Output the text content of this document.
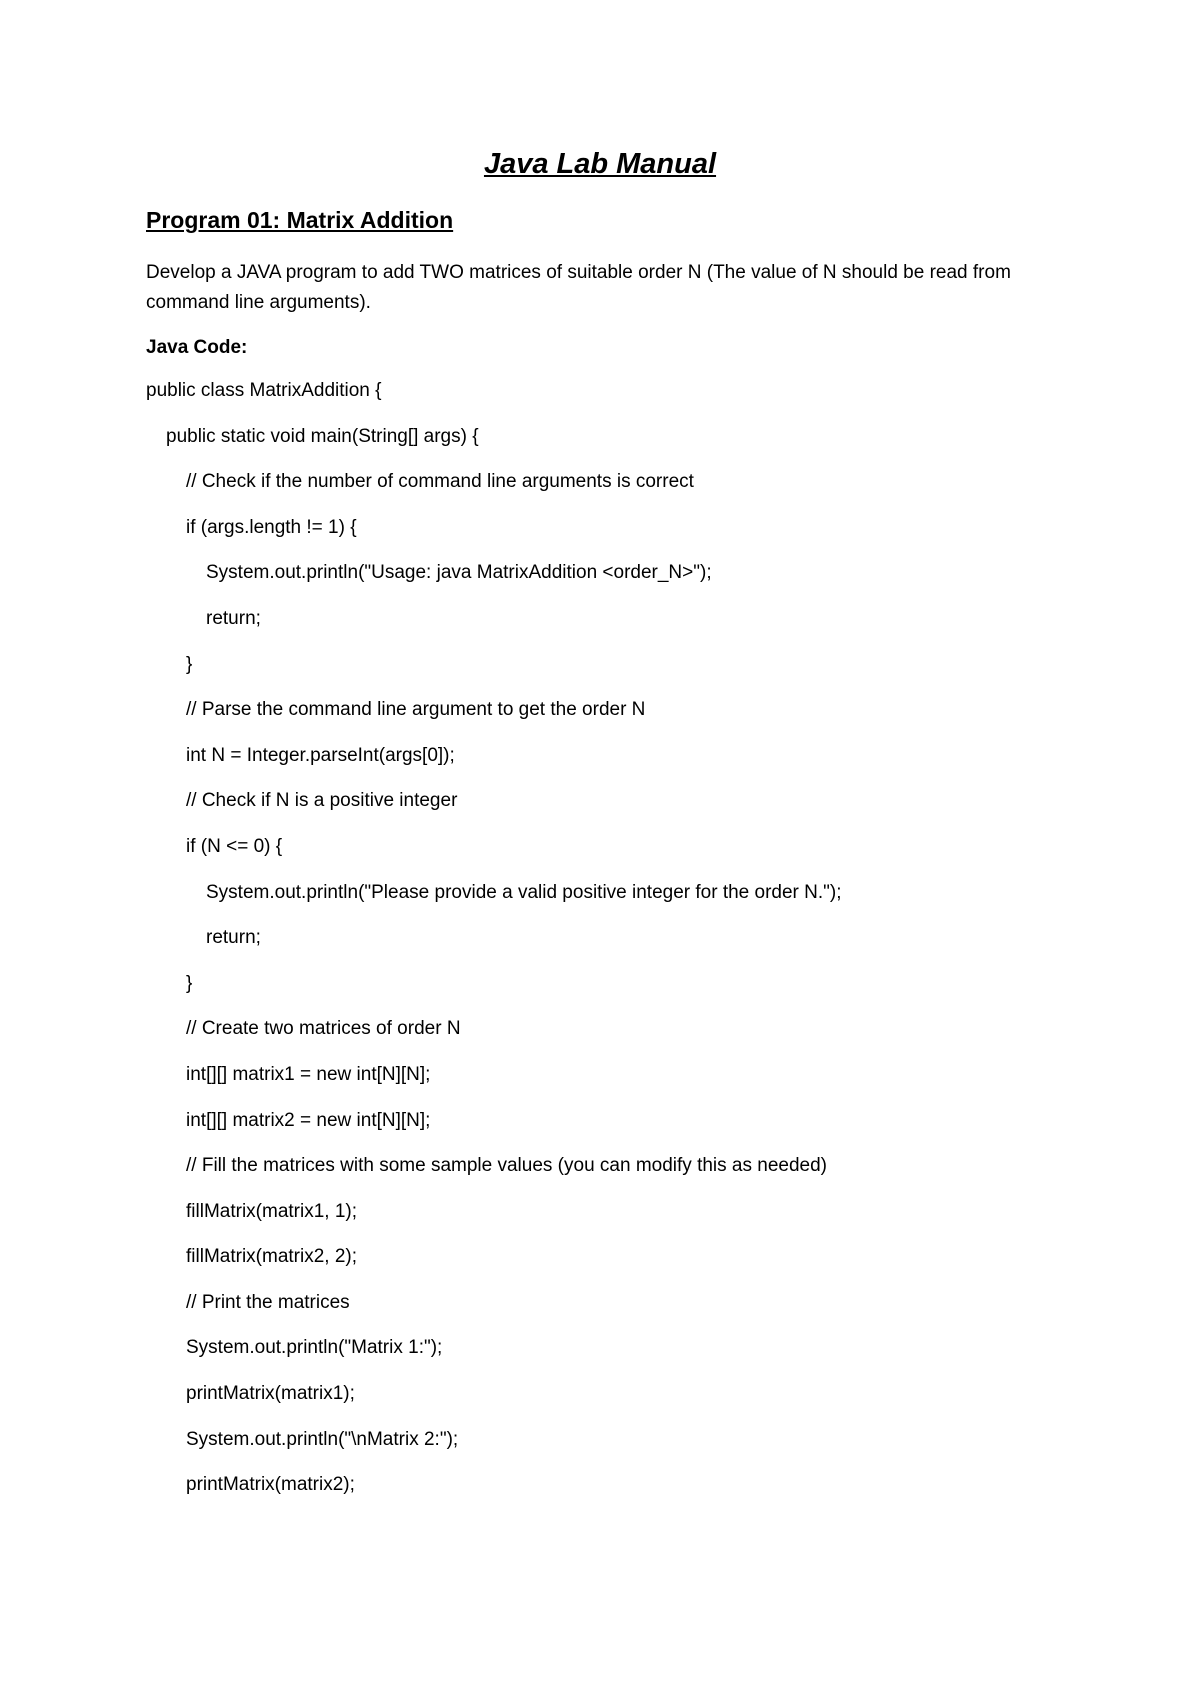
Java Lab Manual
Program 01: Matrix Addition
Develop a JAVA program to add TWO matrices of suitable order N (The value of N should be read from command line arguments).
Java Code:
public class MatrixAddition {
public static void main(String[] args) {
// Check if the number of command line arguments is correct
if (args.length != 1) {
System.out.println("Usage: java MatrixAddition <order_N>");
return;
}
// Parse the command line argument to get the order N
int N = Integer.parseInt(args[0]);
// Check if N is a positive integer
if (N <= 0) {
System.out.println("Please provide a valid positive integer for the order N.");
return;
}
// Create two matrices of order N
int[][] matrix1 = new int[N][N];
int[][] matrix2 = new int[N][N];
// Fill the matrices with some sample values (you can modify this as needed)
fillMatrix(matrix1, 1);
fillMatrix(matrix2, 2);
// Print the matrices
System.out.println("Matrix 1:");
printMatrix(matrix1);
System.out.println("\nMatrix 2:");
printMatrix(matrix2);
